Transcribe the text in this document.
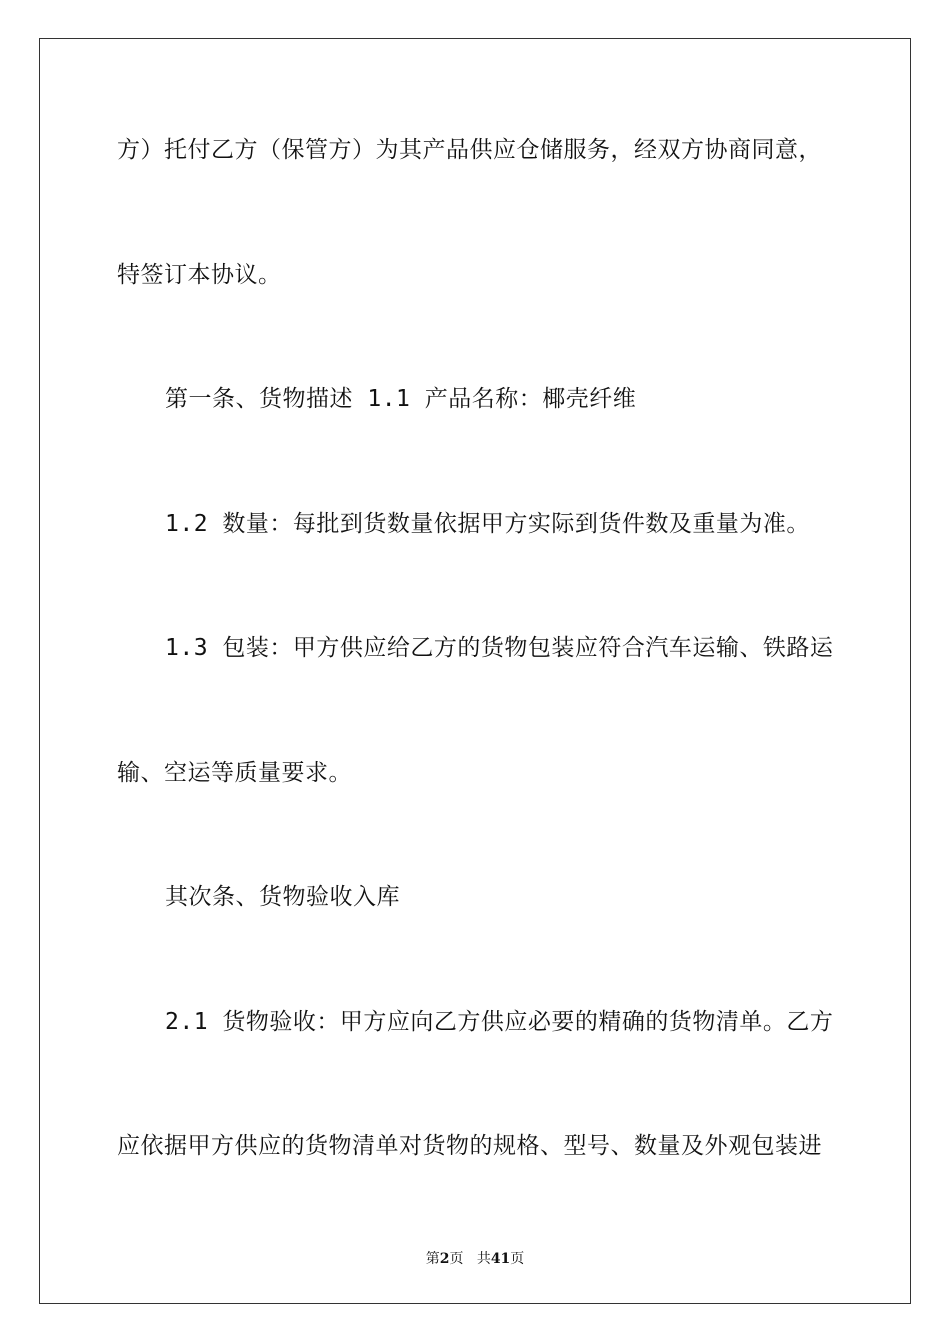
方）托付乙方（保管方）为其产品供应仓储服务，经双方协商同意，
特签订本协议。
第一条、货物描述 1.1 产品名称：椰壳纤维
1.2 数量：每批到货数量依据甲方实际到货件数及重量为准。
1.3 包装：甲方供应给乙方的货物包装应符合汽车运输、铁路运
输、空运等质量要求。
其次条、货物验收入库
2.1 货物验收：甲方应向乙方供应必要的精确的货物清单。乙方
应依据甲方供应的货物清单对货物的规格、型号、数量及外观包装进
第2页 共41页
